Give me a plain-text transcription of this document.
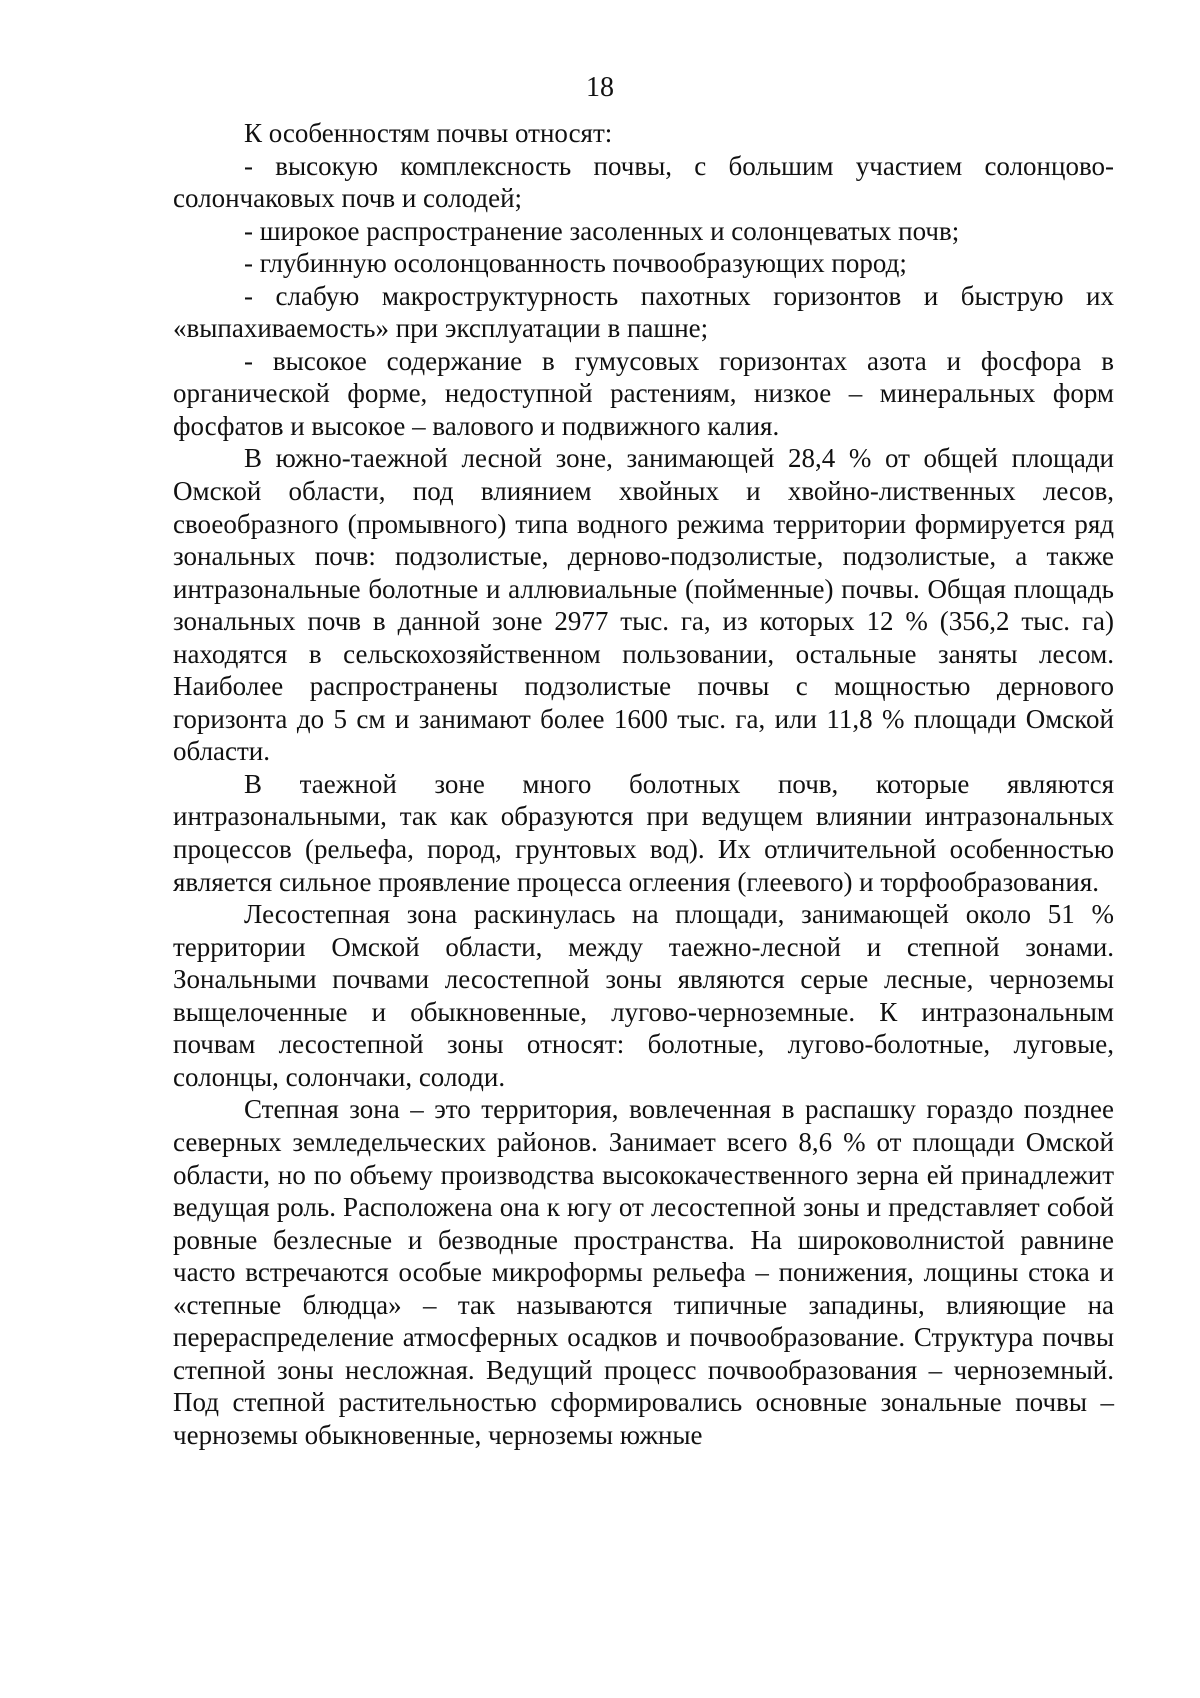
18

К особенностям почвы относят:

- высокую комплексность почвы, с большим участием солонцово-солончаковых почв и солодей;

- широкое распространение засоленных и солонцеватых почв;

- глубинную осолонцованность почвообразующих пород;

- слабую макроструктурность пахотных горизонтов и быструю их «выпахиваемость» при эксплуатации в пашне;

- высокое содержание в гумусовых горизонтах азота и фосфора в органической форме, недоступной растениям, низкое – минеральных форм фосфатов и высокое – валового и подвижного калия.

В южно-таежной лесной зоне, занимающей 28,4 % от общей площади Омской области, под влиянием хвойных и хвойно-лиственных лесов, своеобразного (промывного) типа водного режима территории формируется ряд зональных почв: подзолистые, дерново-подзолистые, подзолистые, а также интразональные болотные и аллювиальные (пойменные) почвы. Общая площадь зональных почв в данной зоне 2977 тыс. га, из которых 12 % (356,2 тыс. га) находятся в сельскохозяйственном пользовании, остальные заняты лесом. Наиболее распространены подзолистые почвы с мощностью дернового горизонта до 5 см и занимают более 1600 тыс. га, или 11,8 % площади Омской области.

В таежной зоне много болотных почв, которые являются интразональными, так как образуются при ведущем влиянии интразональных процессов (рельефа, пород, грунтовых вод). Их отличительной особенностью является сильное проявление процесса оглеения (глеевого) и торфообразования.

Лесостепная зона раскинулась на площади, занимающей около 51 % территории Омской области, между таежно-лесной и степной зонами. Зональными почвами лесостепной зоны являются серые лесные, черноземы выщелоченные и обыкновенные, лугово-черноземные. К интразональным почвам лесостепной зоны относят: болотные, лугово-болотные, луговые, солонцы, солончаки, солоди.

Степная зона – это территория, вовлеченная в распашку гораздо позднее северных земледельческих районов. Занимает всего 8,6 % от площади Омской области, но по объему производства высококачественного зерна ей принадлежит ведущая роль. Расположена она к югу от лесостепной зоны и представляет собой ровные безлесные и безводные пространства. На широковолнистой равнине часто встречаются особые микроформы рельефа – понижения, лощины стока и «степные блюдца» – так называются типичные западины, влияющие на перераспределение атмосферных осадков и почвообразование. Структура почвы степной зоны несложная. Ведущий процесс почвообразования – черноземный. Под степной растительностью сформировались основные зональные почвы – черноземы обыкновенные, черноземы южные
